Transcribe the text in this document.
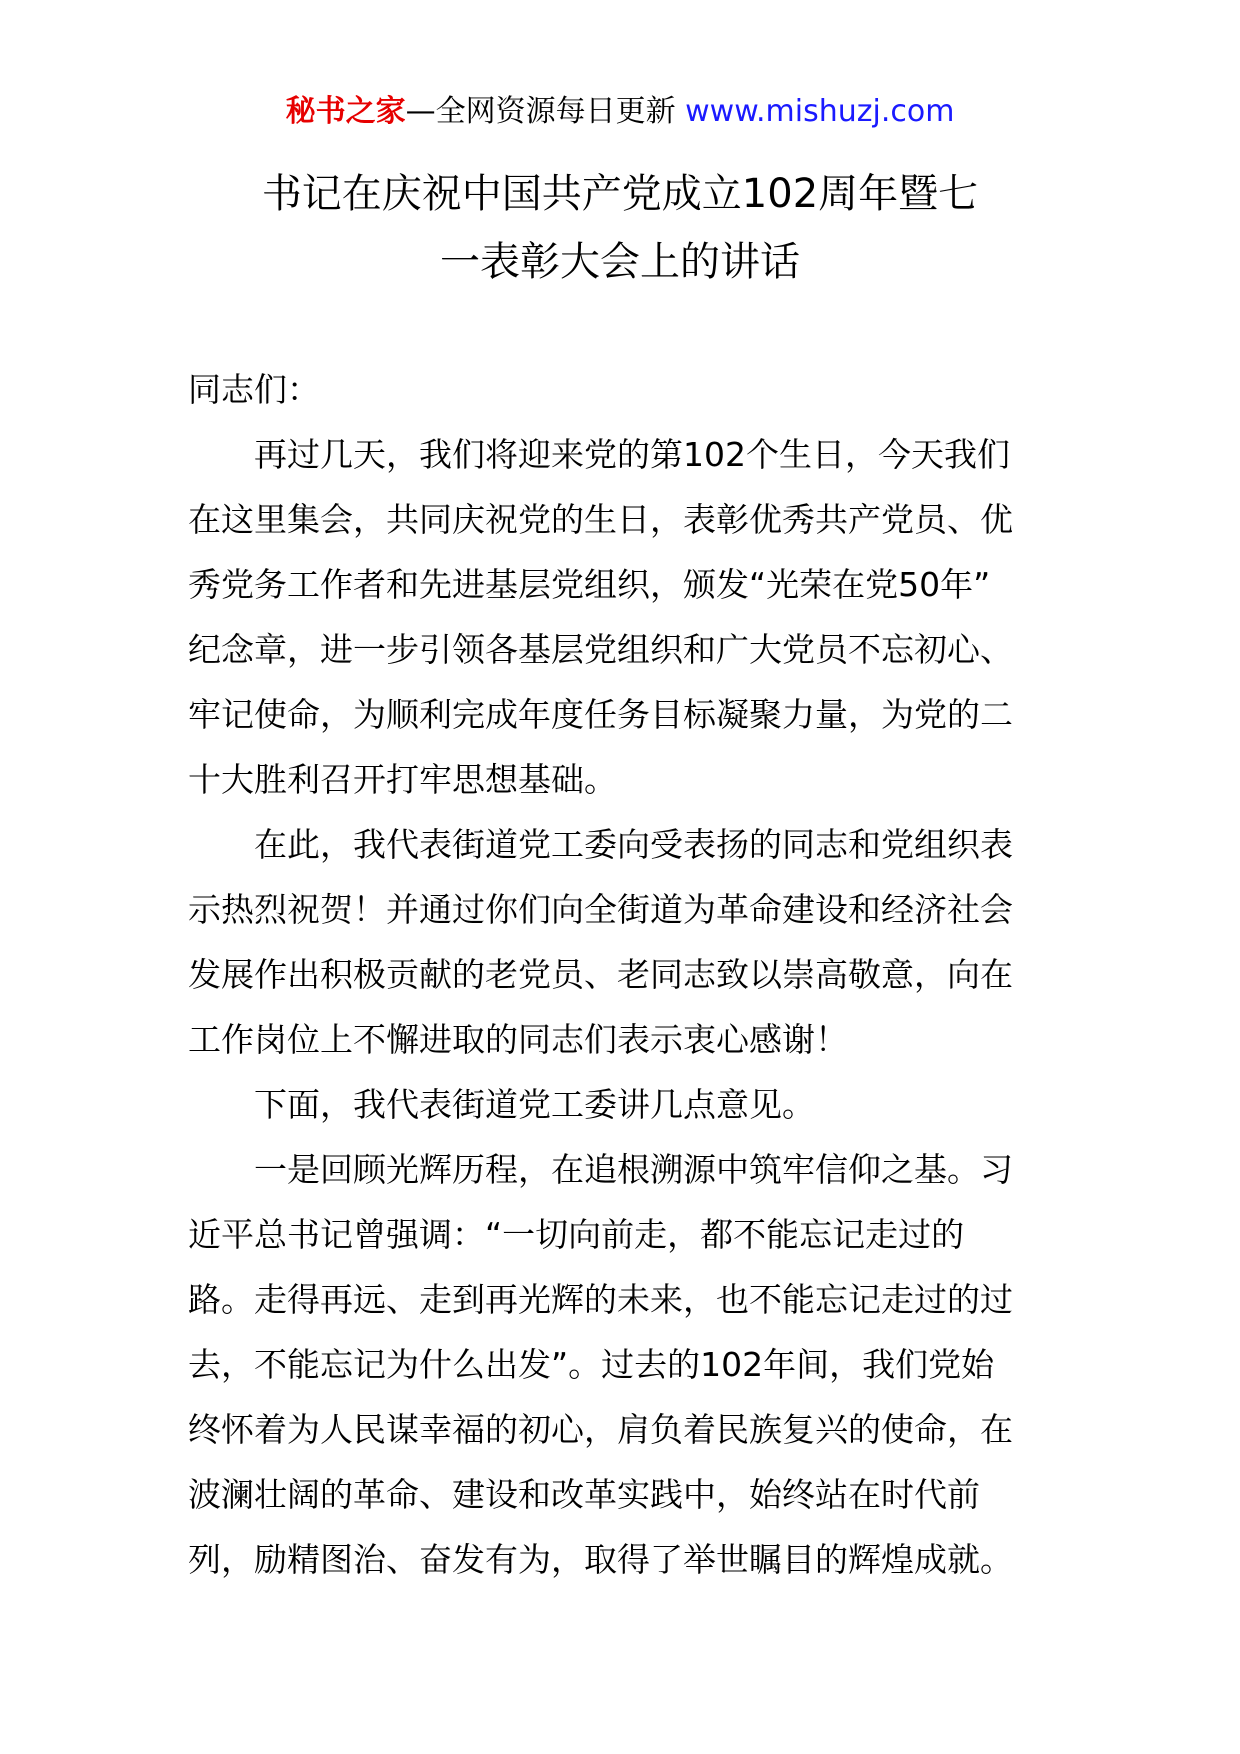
秘书之家—全网资源每日更新 www.mishuzj.com
书记在庆祝中国共产党成立102周年暨七
一表彰大会上的讲话
同志们：
再过几天，我们将迎来党的第102个生日，今天我们
在这里集会，共同庆祝党的生日，表彰优秀共产党员、优
秀党务工作者和先进基层党组织，颁发“光荣在党50年”
纪念章，进一步引领各基层党组织和广大党员不忘初心、
牢记使命，为顺利完成年度任务目标凝聚力量，为党的二
十大胜利召开打牢思想基础。
在此，我代表街道党工委向受表扬的同志和党组织表
示热烈祝贺！并通过你们向全街道为革命建设和经济社会
发展作出积极贡献的老党员、老同志致以崇高敬意，向在
工作岗位上不懈进取的同志们表示衷心感谢！
下面，我代表街道党工委讲几点意见。
一是回顾光辉历程，在追根溯源中筑牢信仰之基。习
近平总书记曾强调：“一切向前走，都不能忘记走过的
路。走得再远、走到再光辉的未来，也不能忘记走过的过
去，不能忘记为什么出发”。过去的102年间，我们党始
终怀着为人民谋幸福的初心，肩负着民族复兴的使命，在
波澜壮阔的革命、建设和改革实践中，始终站在时代前
列，励精图治、奋发有为，取得了举世瞩目的辉煌成就。
